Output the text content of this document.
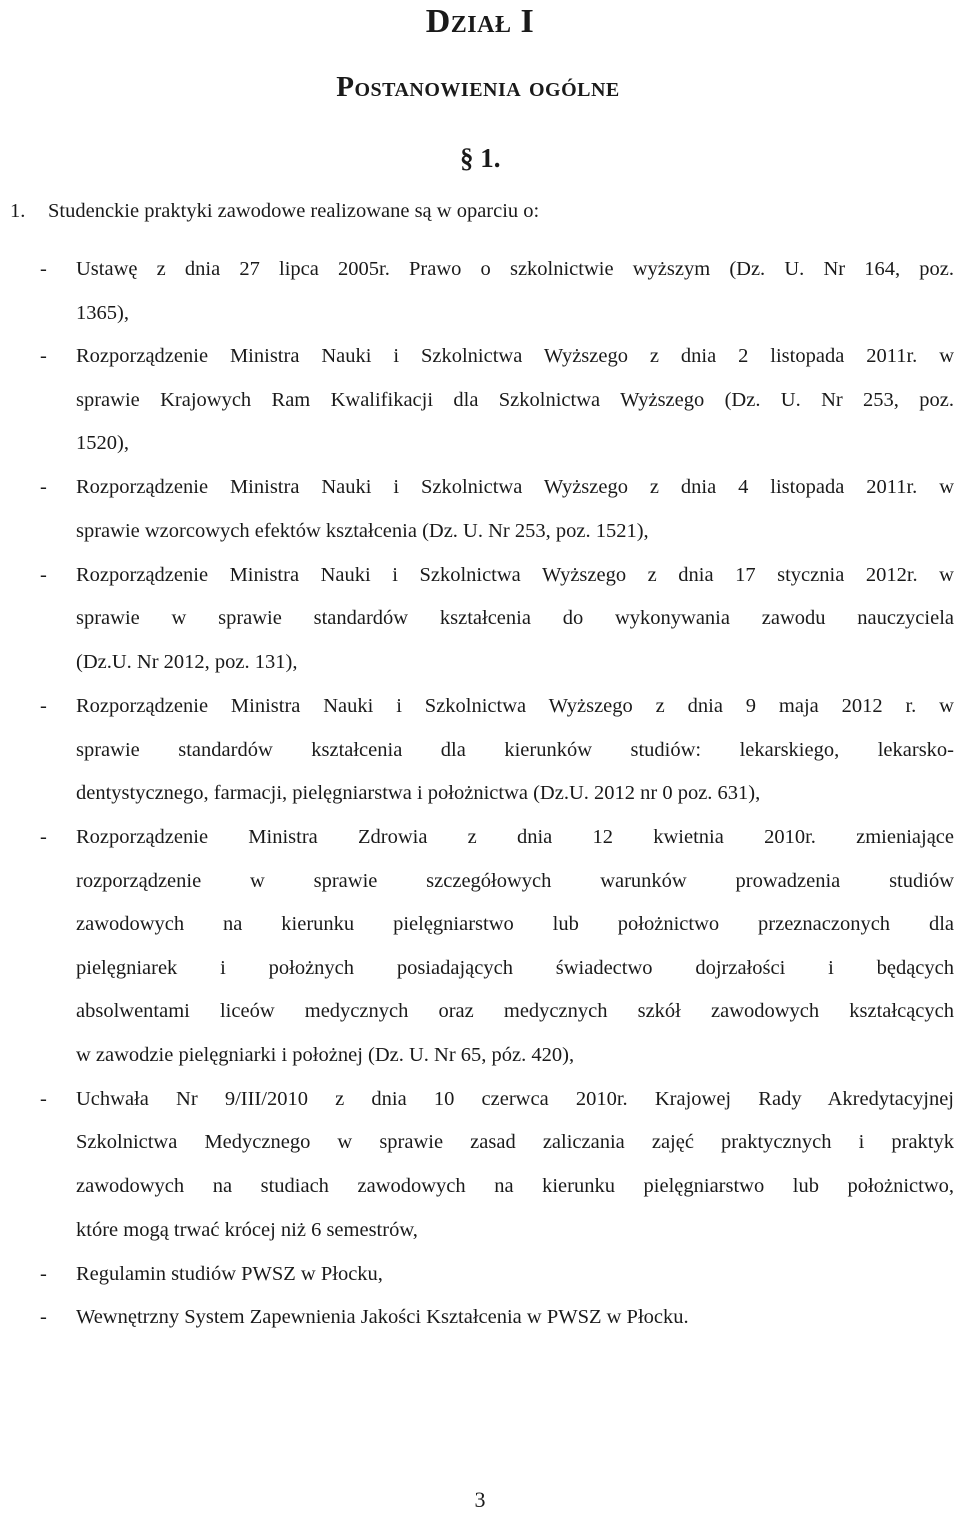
Dział I
Postanowienia ogólne
§ 1.
1. Studenckie praktyki zawodowe realizowane są w oparciu o:
- Ustawę z dnia 27 lipca 2005r. Prawo o szkolnictwie wyższym (Dz. U. Nr 164, poz.
1365),
- Rozporządzenie Ministra Nauki i Szkolnictwa Wyższego z dnia 2 listopada 2011r. w
sprawie Krajowych Ram Kwalifikacji dla Szkolnictwa Wyższego (Dz. U. Nr 253, poz.
1520),
- Rozporządzenie Ministra Nauki i Szkolnictwa Wyższego z dnia 4 listopada 2011r. w
sprawie wzorcowych efektów kształcenia (Dz. U. Nr 253, poz. 1521),
- Rozporządzenie Ministra Nauki i Szkolnictwa Wyższego z dnia 17 stycznia 2012r. w
sprawie w sprawie standardów kształcenia do wykonywania zawodu nauczyciela
(Dz.U. Nr 2012, poz. 131),
- Rozporządzenie Ministra Nauki i Szkolnictwa Wyższego z dnia 9 maja 2012 r. w
sprawie standardów kształcenia dla kierunków studiów: lekarskiego, lekarsko-
dentystycznego, farmacji, pielęgniarstwa i położnictwa (Dz.U. 2012 nr 0 poz. 631),
- Rozporządzenie Ministra Zdrowia z dnia 12 kwietnia 2010r. zmieniające
rozporządzenie w sprawie szczegółowych warunków prowadzenia studiów
zawodowych na kierunku pielęgniarstwo lub położnictwo przeznaczonych dla
pielęgniarek i położnych posiadających świadectwo dojrzałości i będących
absolwentami liceów medycznych oraz medycznych szkół zawodowych kształcących
w zawodzie pielęgniarki i położnej (Dz. U. Nr 65, póz. 420),
- Uchwała Nr 9/III/2010 z dnia 10 czerwca 2010r. Krajowej Rady Akredytacyjnej
Szkolnictwa Medycznego w sprawie zasad zaliczania zajęć praktycznych i praktyk
zawodowych na studiach zawodowych na kierunku pielęgniarstwo lub położnictwo,
które mogą trwać krócej niż 6 semestrów,
- Regulamin studiów PWSZ w Płocku,
- Wewnętrzny System Zapewnienia Jakości Kształcenia w PWSZ w Płocku.
3
